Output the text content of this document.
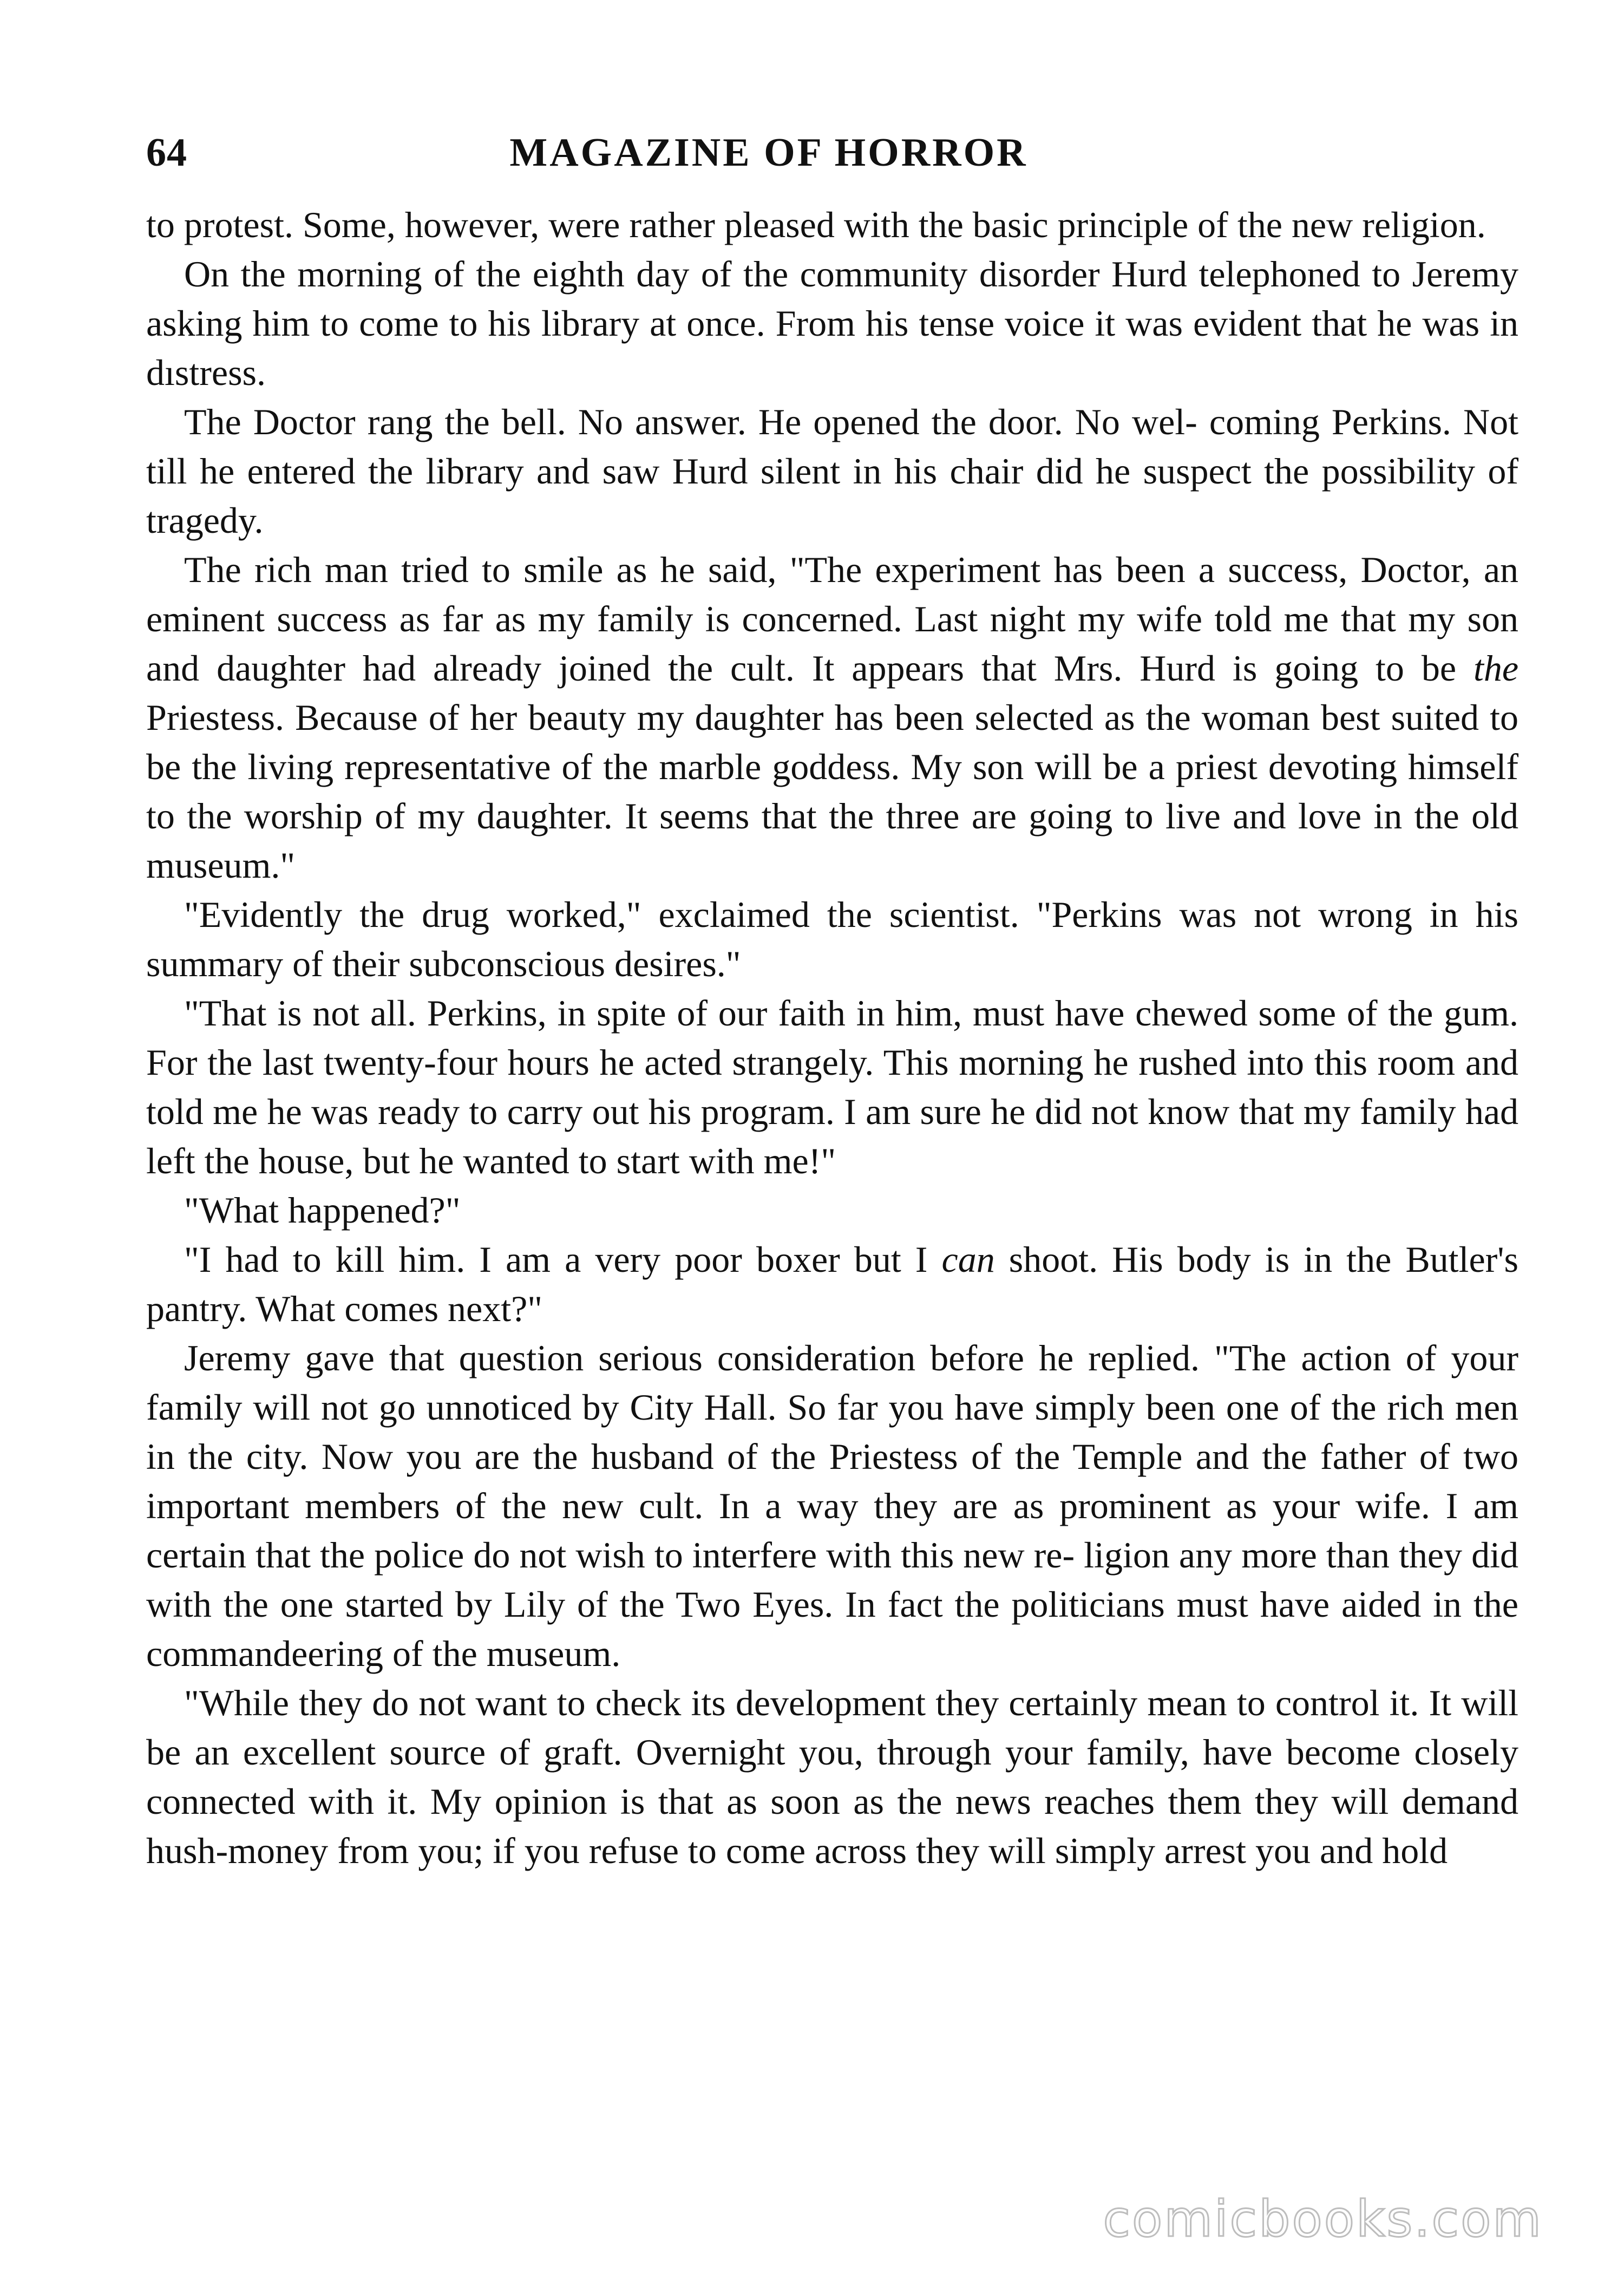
64	MAGAZINE OF HORROR

to protest. Some, however, were rather pleased with the basic principle of the new religion.

On the morning of the eighth day of the community disorder Hurd telephoned to Jeremy asking him to come to his library at once. From his tense voice it was evident that he was in dıstress.

The Doctor rang the bell. No answer. He opened the door. No wel- coming Perkins. Not till he entered the library and saw Hurd silent in his chair did he suspect the possibility of tragedy.

The rich man tried to smile as he said, "The experiment has been a success, Doctor, an eminent success as far as my family is concerned. Last night my wife told me that my son and daughter had already joined the cult. It appears that Mrs. Hurd is going to be the Priestess. Because of her beauty my daughter has been selected as the woman best suited to be the living representative of the marble goddess. My son will be a priest devoting himself to the worship of my daughter. It seems that the three are going to live and love in the old museum."

"Evidently the drug worked," exclaimed the scientist. "Perkins was not wrong in his summary of their subconscious desires."

"That is not all. Perkins, in spite of our faith in him, must have chewed some of the gum. For the last twenty-four hours he acted strangely. This morning he rushed into this room and told me he was ready to carry out his program. I am sure he did not know that my family had left the house, but he wanted to start with me!"

"What happened?"

"I had to kill him. I am a very poor boxer but I can shoot. His body is in the Butler's pantry. What comes next?"

Jeremy gave that question serious consideration before he replied. "The action of your family will not go unnoticed by City Hall. So far you have simply been one of the rich men in the city. Now you are the husband of the Priestess of the Temple and the father of two important members of the new cult. In a way they are as prominent as your wife. I am certain that the police do not wish to interfere with this new re- ligion any more than they did with the one started by Lily of the Two Eyes. In fact the politicians must have aided in the commandeering of the museum.

"While they do not want to check its development they certainly mean to control it. It will be an excellent source of graft. Overnight you, through your family, have become closely connected with it. My opinion is that as soon as the news reaches them they will demand hush-money from you; if you refuse to come across they will simply arrest you and hold

comicbooks.com
